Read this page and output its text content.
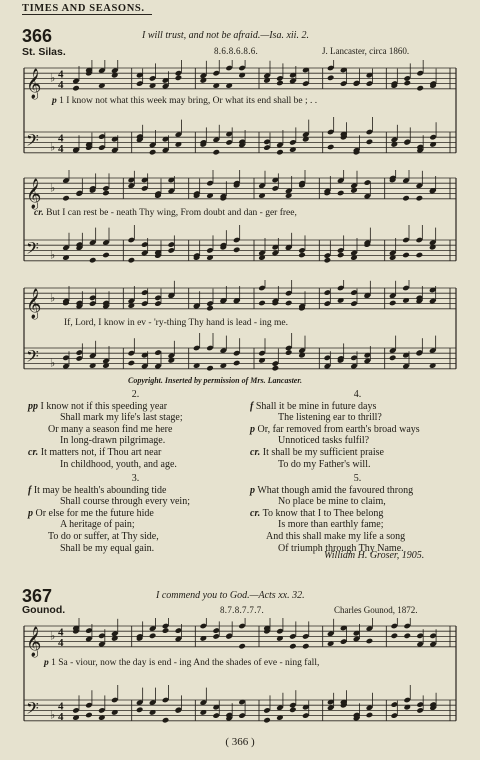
TIMES AND SEASONS.
366	I will trust, and not be afraid.—Isa. xii. 2.
St. Silas.	8.6.8.6.8.6.	J. Lancaster, circa 1860.
𝄞 ♭ 4
4
𝄢 ♭
4
4
p 1 I know not what this week may bring, Or what its end shall be ; . .
𝄞 ♭
𝄢 ♭
cr. But I can rest be - neath Thy wing, From doubt and dan - ger free,
𝄞 ♭
𝄢 ♭
If, Lord, I know in ev - 'ry-thing Thy hand is lead - ing me.
Copyright. Inserted by permission of Mrs. Lancaster.
2.
pp I know not if this speeding year
Shall mark my life's last stage;
Or many a season find me here
In long-drawn pilgrimage.
cr. It matters not, if Thou art near
In childhood, youth, and age.
3.
f It may be health's abounding tide
Shall course through every vein;
p Or else for me the future hide
A heritage of pain;
To do or suffer, at Thy side,
Shall be my equal gain.
4.
f Shall it be mine in future days
The listening ear to thrill?
p Or, far removed from earth's broad ways
Unnoticed tasks fulfil?
cr. It shall be my sufficient praise
To do my Father's will.
5.
p What though amid the favoured throng
No place be mine to claim,
cr. To know that I to Thee belong
Is more than earthly fame;
And this shall make my life a song
Of triumph through Thy Name.
William H. Groser, 1905.
367	I commend you to God.—Acts xx. 32.
Gounod.	8.7.8.7.7.7.	Charles Gounod, 1872.
𝄞 ♭ 4
4
𝄢 ♭
4
4
p 1 Sa - viour, now the day is end - ing And the shades of eve - ning fall,
( 366 )
